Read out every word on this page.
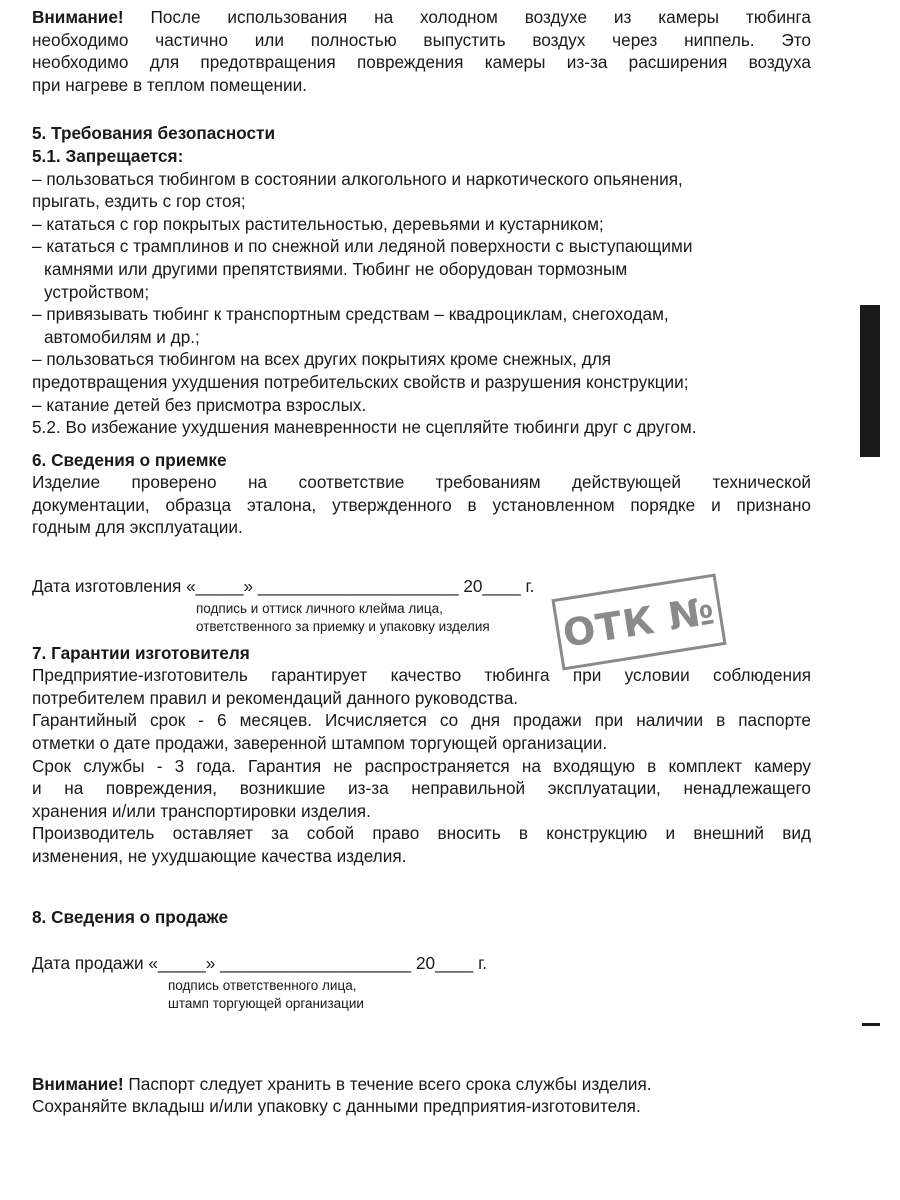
Внимание! После использования на холодном воздухе из камеры тюбинга

необходимо частично или полностью выпустить воздух через ниппель. Это

необходимо для предотвращения повреждения камеры из-за расширения воздуха

при нагреве в теплом помещении.

5. Требования безопасности

5.1. Запрещается:

– пользоваться тюбингом в состоянии алкогольного и наркотического опьянения,

прыгать, ездить с гор стоя;

– кататься с гор покрытых растительностью, деревьями и кустарником;

– кататься с трамплинов и по снежной или ледяной поверхности с выступающими

камнями или другими препятствиями. Тюбинг не оборудован тормозным

устройством;

– привязывать тюбинг к транспортным средствам – квадроциклам, снегоходам,

автомобилям и др.;

– пользоваться тюбингом на всех других покрытиях кроме снежных, для

предотвращения ухудшения потребительских свойств и разрушения конструкции;

– катание детей без присмотра взрослых.

5.2. Во избежание ухудшения маневренности не сцепляйте тюбинги друг с другом.

6. Сведения о приемке

Изделие проверено на соответствие требованиям действующей технической

документации, образца эталона, утвержденного в установленном порядке и признано

годным для эксплуатации.

Дата изготовления «_____» _____________________ 20____ г.

подпись и оттиск личного клейма лица,

ответственного за приемку и упаковку изделия

7. Гарантии изготовителя

Предприятие-изготовитель гарантирует качество тюбинга при условии соблюдения

потребителем правил и рекомендаций данного руководства.

Гарантийный срок - 6 месяцев. Исчисляется со дня продажи при наличии в паспорте

отметки о дате продажи, заверенной штампом торгующей организации.

Срок службы - 3 года. Гарантия не распространяется на входящую в комплект камеру

и на повреждения, возникшие из-за неправильной эксплуатации, ненадлежащего

хранения и/или транспортировки изделия.

Производитель оставляет за собой право вносить в конструкцию и внешний вид

изменения, не ухудшающие качества изделия.

8. Сведения о продаже

Дата продажи «_____» ____________________ 20____ г.

подпись ответственного лица,

штамп торгующей организации

Внимание! Паспорт следует хранить в течение всего срока службы изделия.

Сохраняйте вкладыш и/или упаковку с данными предприятия-изготовителя.

ОТК №
